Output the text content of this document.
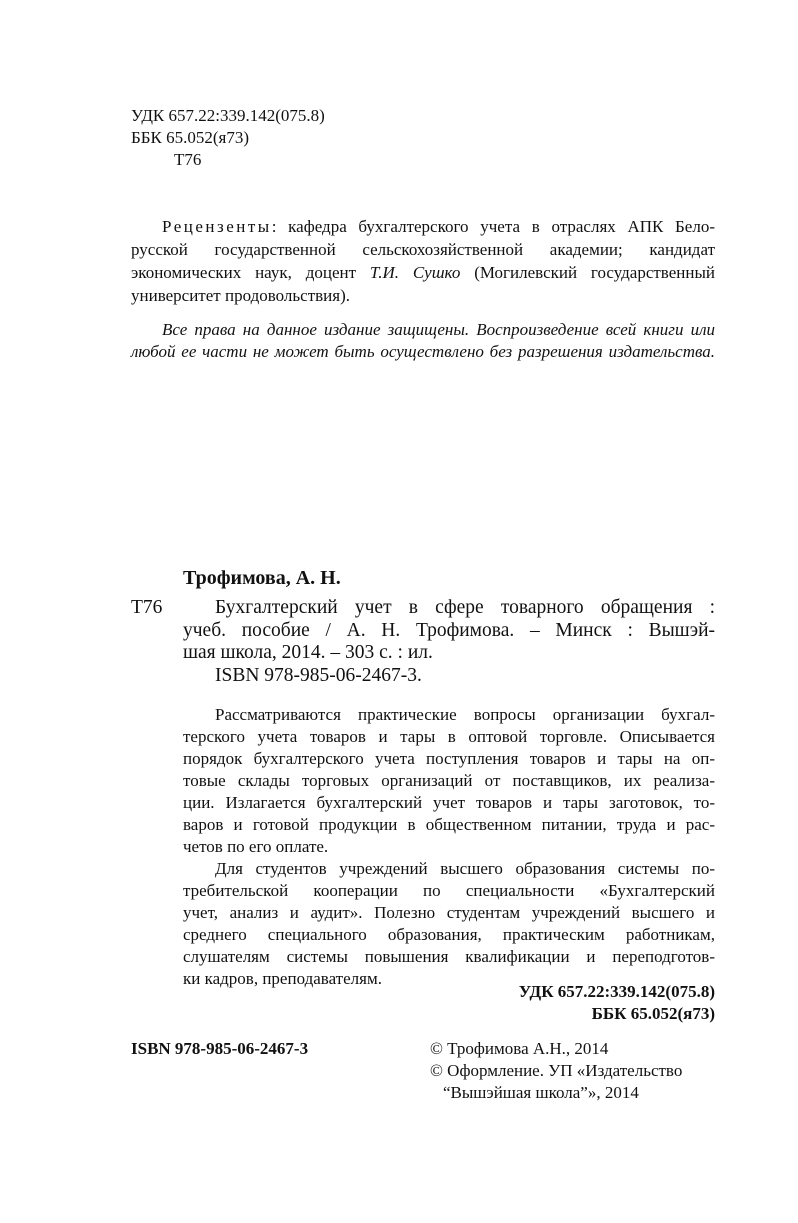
УДК 657.22:339.142(075.8)
ББК 65.052(я73)
Т76
Рецензенты: кафедра бухгалтерского учета в отраслях АПК Бело-
русской государственной сельскохозяйственной академии; кандидат
экономических наук, доцент Т.И. Сушко (Могилевский государственный
университет продовольствия).
Все права на данное издание защищены. Воспроизведение всей книги или
любой ее части не может быть осуществлено без разрешения издательства.
Трофимова, А. Н.
Т76	Бухгалтерский учет в сфере товарного обращения :
учеб. пособие / А. Н. Трофимова. – Минск : Вышэй-
шая школа, 2014. – 303 с. : ил.
ISBN 978-985-06-2467-3.
Рассматриваются практические вопросы организации бухгал-
терского учета товаров и тары в оптовой торговле. Описывается
порядок бухгалтерского учета поступления товаров и тары на оп-
товые склады торговых организаций от поставщиков, их реализа-
ции. Излагается бухгалтерский учет товаров и тары заготовок, то-
варов и готовой продукции в общественном питании, труда и рас-
четов по его оплате.
Для студентов учреждений высшего образования системы по-
требительской кооперации по специальности «Бухгалтерский
учет, анализ и аудит». Полезно студентам учреждений высшего и
среднего специального образования, практическим работникам,
слушателям системы повышения квалификации и переподготов-
ки кадров, преподавателям.
УДК 657.22:339.142(075.8)
ББК 65.052(я73)
ISBN 978-985-06-2467-3	© Трофимова А.Н., 2014
© Оформление. УП «Издательство
“Вышэйшая школа”», 2014
